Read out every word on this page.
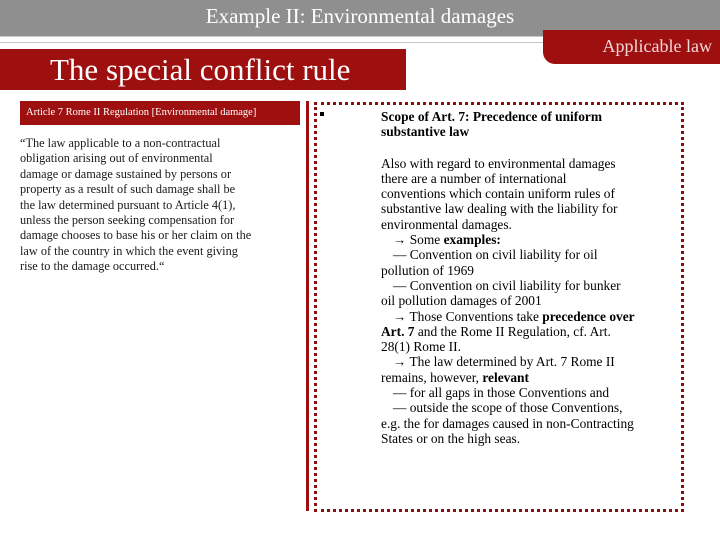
Example II: Environmental damages
Applicable law
The special conflict rule
Article 7 Rome II Regulation [Environmental damage]
“The law applicable to a non-contractual
obligation arising out of environmental
damage or damage sustained by persons or
property as a result of such damage shall be
the law determined pursuant to Article 4(1),
unless the person seeking compensation for
damage chooses to base his or her claim on the
law of the country in which the event giving
rise to the damage occurred.“
Scope of Art. 7: Precedence of uniform
substantive law
Also with regard to environmental damages
there are a number of international
conventions which contain uniform rules of
substantive law dealing with the liability for
environmental damages.
→ Some examples:
— Convention on civil liability for oil
pollution of 1969
— Convention on civil liability for bunker
oil pollution damages of 2001
→ Those Conventions take precedence over
Art. 7 and the Rome II Regulation, cf. Art.
28(1) Rome II.
→ The law determined by Art. 7 Rome II
remains, however, relevant
— for all gaps in those Conventions and
— outside the scope of those Conventions,
e.g. the for damages caused in non-Contracting
States or on the high seas.
